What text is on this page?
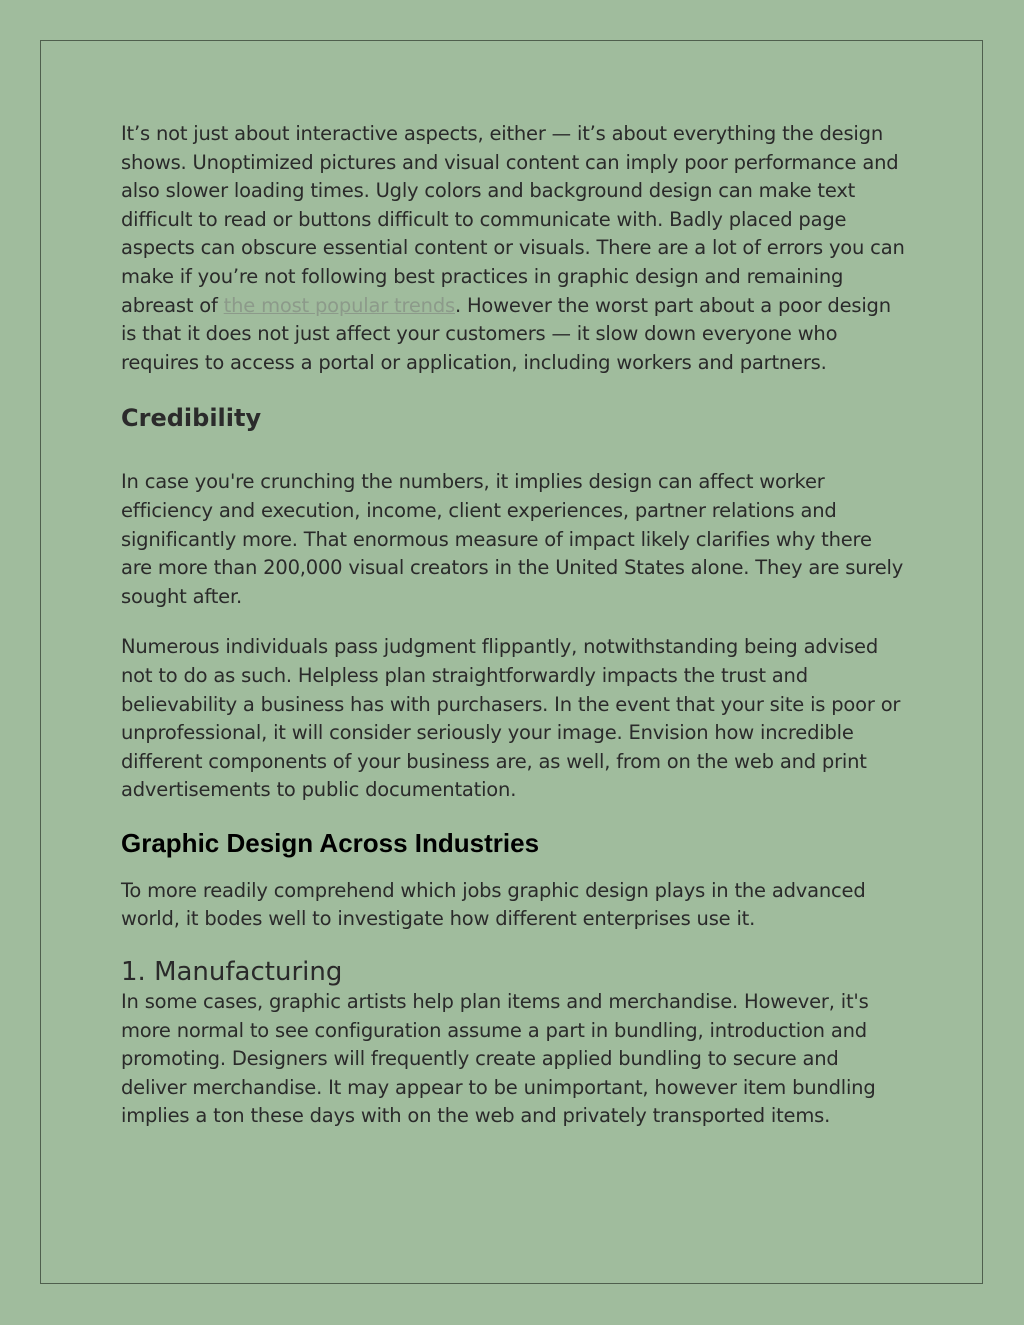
It’s not just about interactive aspects, either — it’s about everything the design shows. Unoptimized pictures and visual content can imply poor performance and also slower loading times. Ugly colors and background design can make text difficult to read or buttons difficult to communicate with. Badly placed page aspects can obscure essential content or visuals. There are a lot of errors you can make if you’re not following best practices in graphic design and remaining abreast of the most popular trends. However the worst part about a poor design is that it does not just affect your customers — it slow down everyone who requires to access a portal or application, including workers and partners.

Credibility

In case you're crunching the numbers, it implies design can affect worker efficiency and execution, income, client experiences, partner relations and significantly more. That enormous measure of impact likely clarifies why there are more than 200,000 visual creators in the United States alone. They are surely sought after.

Numerous individuals pass judgment flippantly, notwithstanding being advised not to do as such. Helpless plan straightforwardly impacts the trust and believability a business has with purchasers. In the event that your site is poor or unprofessional, it will consider seriously your image. Envision how incredible different components of your business are, as well, from on the web and print advertisements to public documentation.

Graphic Design Across Industries

To more readily comprehend which jobs graphic design plays in the advanced world, it bodes well to investigate how different enterprises use it.

1. Manufacturing

In some cases, graphic artists help plan items and merchandise. However, it's more normal to see configuration assume a part in bundling, introduction and promoting. Designers will frequently create applied bundling to secure and deliver merchandise. It may appear to be unimportant, however item bundling implies a ton these days with on the web and privately transported items.
